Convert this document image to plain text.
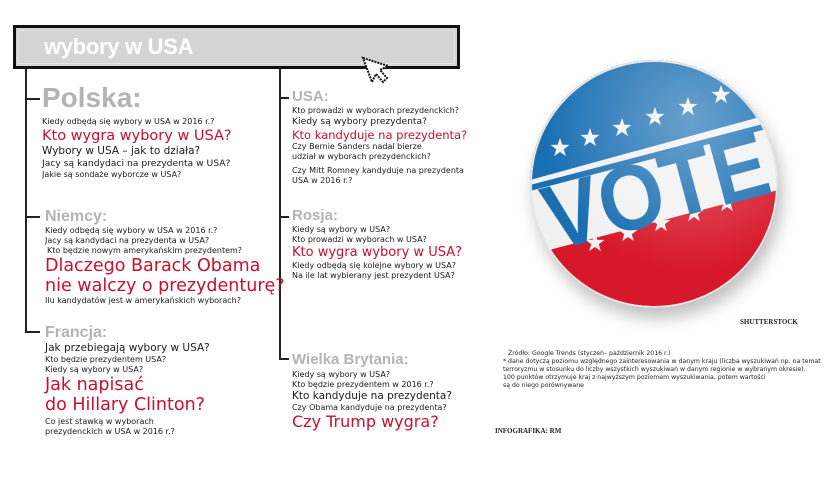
wybory w USA
Polska:
Kiedy odbędą się wybory w USA w 2016 r.?
Kto wygra wybory w USA?
Wybory w USA – jak to działa?
Jacy są kandydaci na prezydenta w USA?
Jakie są sondaże wyborcze w USA?
Niemcy:
Kiedy odbędą się wybory w USA w 2016 r.?
Jacy są kandydaci na prezydenta w USA?
Kto będzie nowym amerykańskim prezydentem?
Dlaczego Barack Obama
nie walczy o prezydenturę?
Ilu kandydatów jest w amerykańskich wyborach?
Francja:
Jak przebiegają wybory w USA?
Kto będzie prezydentem USA?
Kiedy są wybory w USA?
Jak napisać
do Hillary Clinton?
Co jest stawką w wyborach
prezydenckich w USA w 2016 r.?
USA:
Kto prowadzi w wyborach prezydenckich?
Kiedy są wybory prezydenta?
Kto kandyduje na prezydenta?
Czy Bernie Sanders nadal bierze
udział w wyborach prezydenckich?
Czy Mitt Romney kandyduje na prezydenta
USA w 2016 r.?
Rosja:
Kiedy są wybory w USA?
Kto prowadzi w wyborach w USA?
Kto wygra wybory w USA?
Kiedy odbędą się kolejne wybory w USA?
Na ile lat wybierany jest prezydent USA?
Wielka Brytania:
Kiedy są wybory w USA?
Kto będzie prezydentem w 2016 r.?
Kto kandyduje na prezydenta?
Czy Obama kandyduje na prezydenta?
Czy Trump wygra?
SHUTTERSTOCK
Źródło: Google Trends (styczeń– październik 2016 r.)
* dane dotyczą poziomu względnego zainteresowania w danym kraju (liczba wyszukiwań np. na temat
terroryzmu w stosunku do liczby wszystkich wyszukiwań w danym regionie w wybranym okresie).
100 punktów otrzymuje kraj z najwyższym poziomem wyszukiwania, potem wartości
są do niego porównywane
INFOGRAFIKA: RM
